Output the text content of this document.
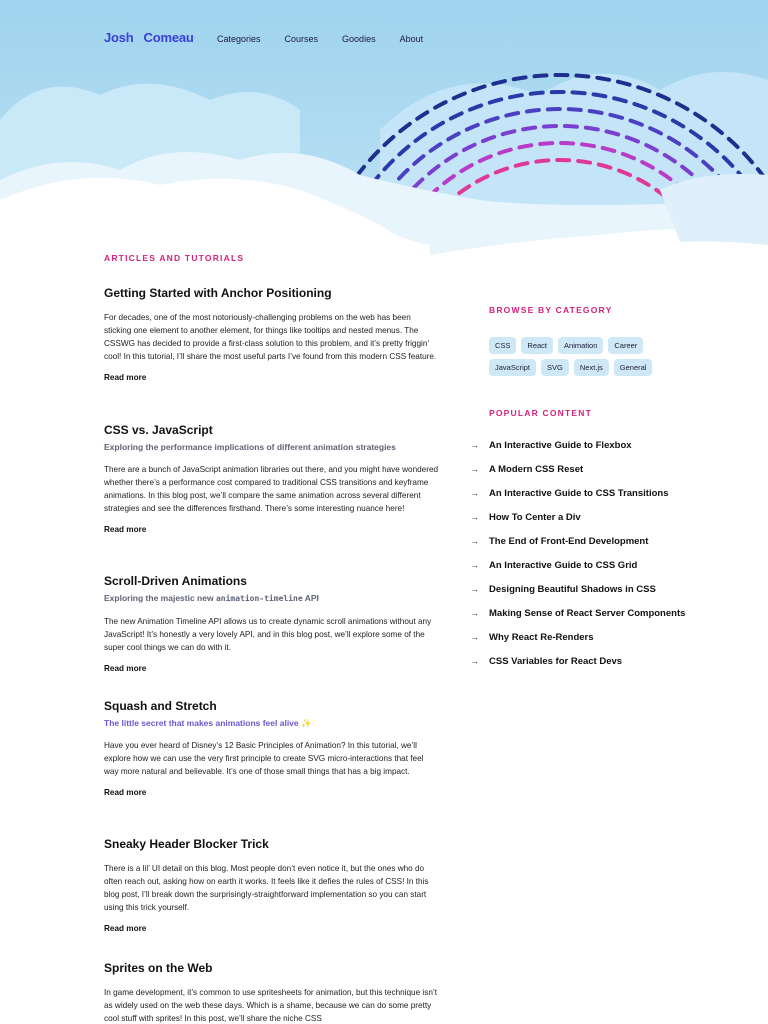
Josh Comeau	Categories	Courses	Goodies	About
ARTICLES AND TUTORIALS
Getting Started with Anchor Positioning
For decades, one of the most notoriously-challenging problems on the web has been sticking one element to another element, for things like tooltips and nested menus. The CSSWG has decided to provide a first-class solution to this problem, and it’s pretty friggin’ cool! In this tutorial, I’ll share the most useful parts I’ve found from this modern CSS feature.
Read more
CSS vs. JavaScript
Exploring the performance implications of different animation strategies
There are a bunch of JavaScript animation libraries out there, and you might have wondered whether there’s a performance cost compared to traditional CSS transitions and keyframe animations. In this blog post, we’ll compare the same animation across several different strategies and see the differences firsthand. There’s some interesting nuance here!
Read more
Scroll-Driven Animations
Exploring the majestic new animation-timeline API
The new Animation Timeline API allows us to create dynamic scroll animations without any JavaScript! It’s honestly a very lovely API, and in this blog post, we’ll explore some of the super cool things we can do with it.
Read more
Squash and Stretch
The little secret that makes animations feel alive ✨
Have you ever heard of Disney’s 12 Basic Principles of Animation? In this tutorial, we’ll explore how we can use the very first principle to create SVG micro-interactions that feel way more natural and believable. It’s one of those small things that has a big impact.
Read more
Sneaky Header Blocker Trick
There is a lil’ UI detail on this blog. Most people don’t even notice it, but the ones who do often reach out, asking how on earth it works. It feels like it defies the rules of CSS! In this blog post, I’ll break down the surprisingly-straightforward implementation so you can start using this trick yourself.
Read more
Sprites on the Web
In game development, it’s common to use spritesheets for animation, but this technique isn’t as widely used on the web these days. Which is a shame, because we can do some pretty cool stuff with sprites! In this post, we’ll share the niche CSS
BROWSE BY CATEGORY
CSS	React	Animation	Career
JavaScript	SVG	Next.js	General
POPULAR CONTENT
→ An Interactive Guide to Flexbox
→ A Modern CSS Reset
→ An Interactive Guide to CSS Transitions
→ How To Center a Div
→ The End of Front-End Development
→ An Interactive Guide to CSS Grid
→ Designing Beautiful Shadows in CSS
→ Making Sense of React Server Components
→ Why React Re-Renders
→ CSS Variables for React Devs
